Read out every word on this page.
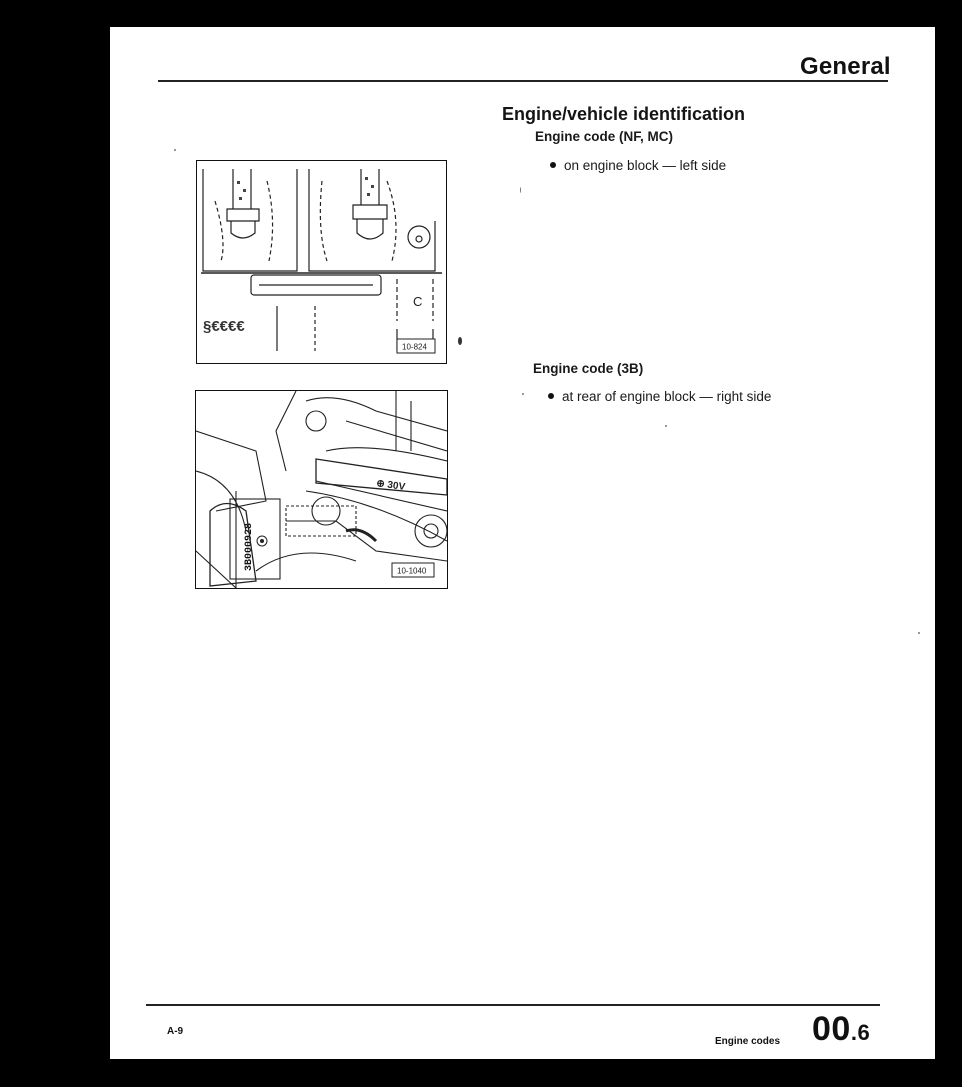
General
Engine/vehicle identification
Engine code (NF, MC)
on engine block — left side
Engine code (3B)
at rear of engine block — right side
C
§€€€€
10-824
⊕ 30V
3B000928	10-1040
A-9
Engine codes 00.6
